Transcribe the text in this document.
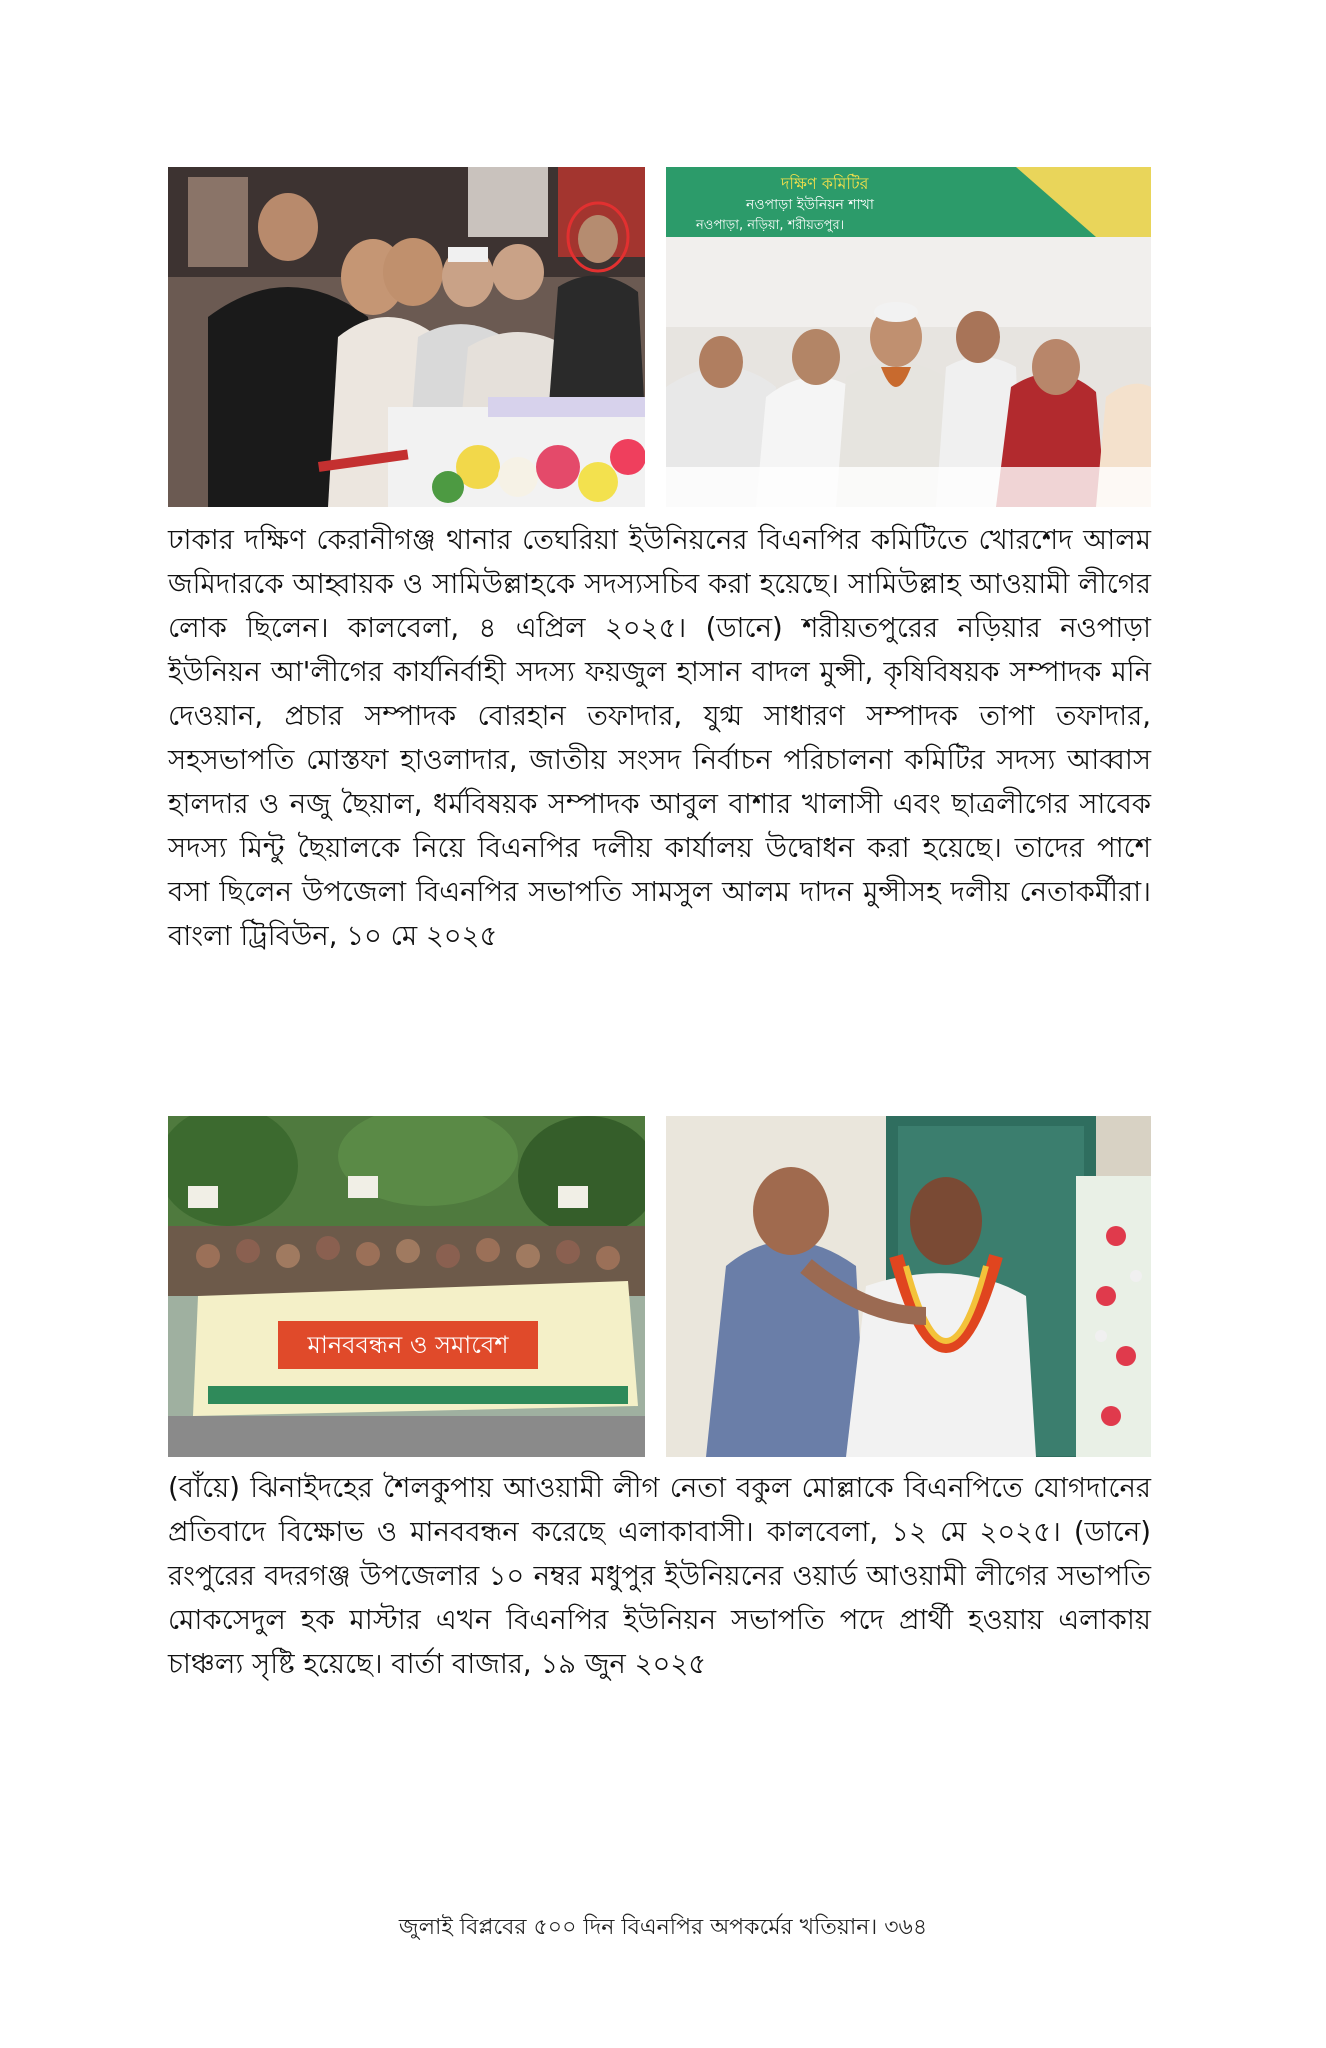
দক্ষিণ কমিটির
নওপাড়া ইউনিয়ন শাখা
নওপাড়া, নড়িয়া, শরীয়তপুর।

ঢাকার দক্ষিণ কেরানীগঞ্জ থানার তেঘরিয়া ইউনিয়নের বিএনপির কমিটিতে খোরশেদ আলম জমিদারকে আহ্বায়ক ও সামিউল্লাহকে সদস্যসচিব করা হয়েছে। সামিউল্লাহ আওয়ামী লীগের লোক ছিলেন। কালবেলা, ৪ এপ্রিল ২০২৫। (ডানে) শরীয়তপুরের নড়িয়ার নওপাড়া ইউনিয়ন আ'লীগের কার্যনির্বাহী সদস্য ফয়জুল হাসান বাদল মুন্সী, কৃষিবিষয়ক সম্পাদক মনি দেওয়ান, প্রচার সম্পাদক বোরহান তফাদার, যুগ্ম সাধারণ সম্পাদক তাপা তফাদার, সহসভাপতি মোস্তফা হাওলাদার, জাতীয় সংসদ নির্বাচন পরিচালনা কমিটির সদস্য আব্বাস হালদার ও নজু ছৈয়াল, ধর্মবিষয়ক সম্পাদক আবুল বাশার খালাসী এবং ছাত্রলীগের সাবেক সদস্য মিন্টু ছৈয়ালকে নিয়ে বিএনপির দলীয় কার্যালয় উদ্বোধন করা হয়েছে। তাদের পাশে বসা ছিলেন উপজেলা বিএনপির সভাপতি সামসুল আলম দাদন মুন্সীসহ দলীয় নেতাকর্মীরা। বাংলা ট্রিবিউন, ১০ মে ২০২৫

মানববন্ধন ও সমাবেশ

(বাঁয়ে) ঝিনাইদহের শৈলকুপায় আওয়ামী লীগ নেতা বকুল মোল্লাকে বিএনপিতে যোগদানের প্রতিবাদে বিক্ষোভ ও মানববন্ধন করেছে এলাকাবাসী। কালবেলা, ১২ মে ২০২৫। (ডানে) রংপুরের বদরগঞ্জ উপজেলার ১০ নম্বর মধুপুর ইউনিয়নের ওয়ার্ড আওয়ামী লীগের সভাপতি মোকসেদুল হক মাস্টার এখন বিএনপির ইউনিয়ন সভাপতি পদে প্রার্থী হওয়ায় এলাকায় চাঞ্চল্য সৃষ্টি হয়েছে। বার্তা বাজার, ১৯ জুন ২০২৫

জুলাই বিপ্লবের ৫০০ দিন বিএনপির অপকর্মের খতিয়ান। ৩৬৪
